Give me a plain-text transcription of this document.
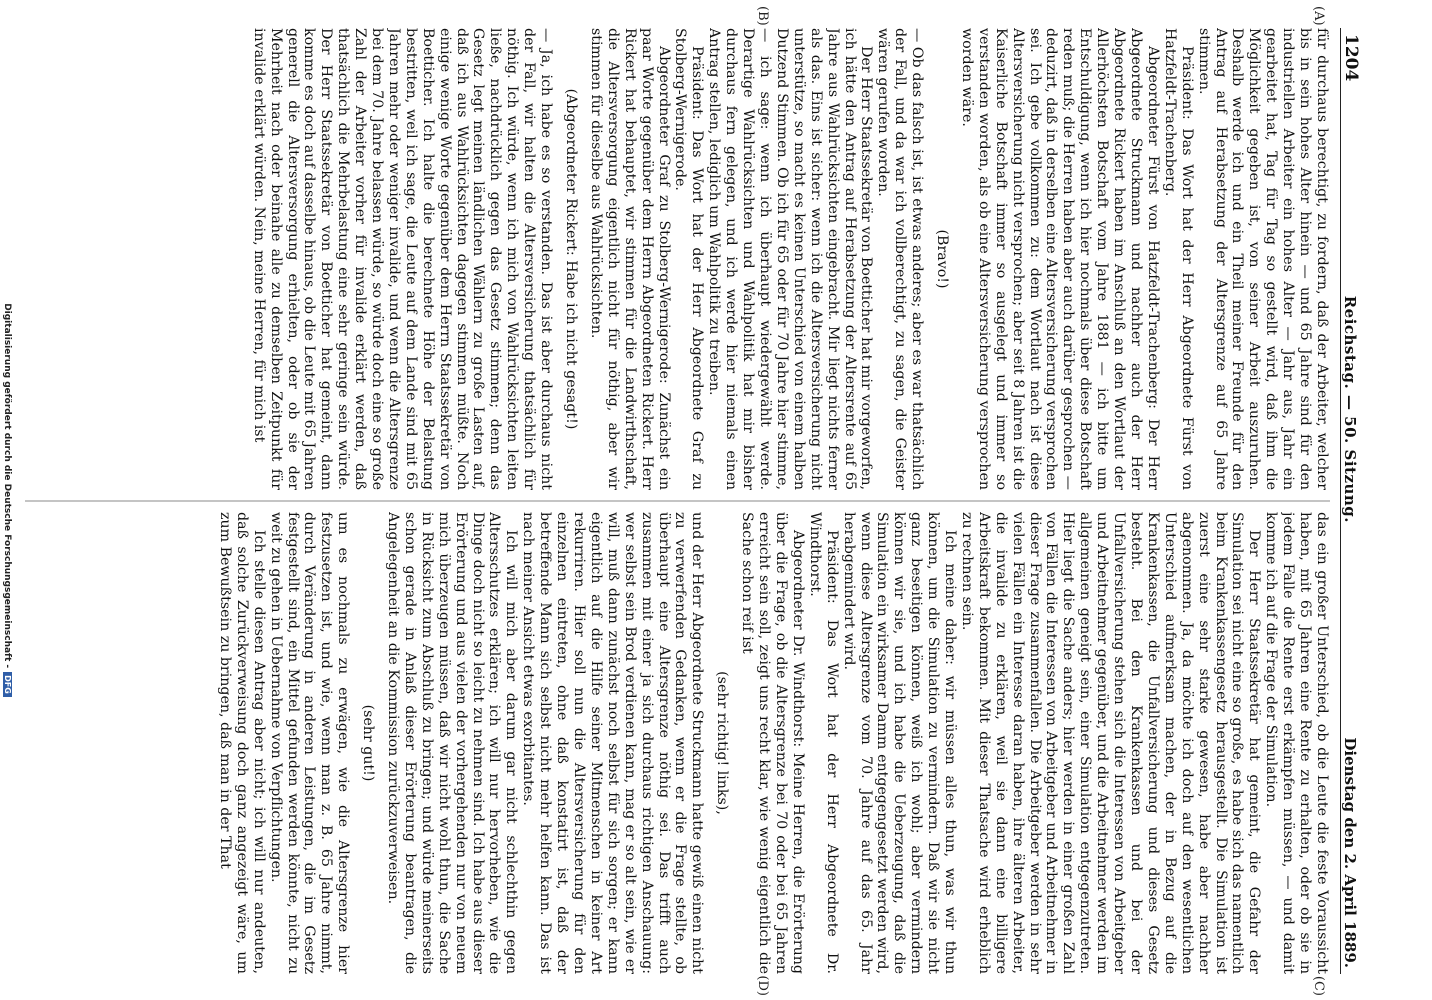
1204
Reichstag. — 50. Sitzung.
Dienstag den 2. April 1889.

für durchaus berechtigt, zu fordern, daß der Arbeiter, welcher bis in sein hohes Alter hinein — und 65 Jahre sind für den industriellen Arbeiter ein hohes Alter — Jahr aus, Jahr ein gearbeitet hat, Tag für Tag so gestellt wird, daß ihm die Möglichkeit gegeben ist, von seiner Arbeit auszuruhen. Deshalb werde ich und ein Theil meiner Freunde für den Antrag auf Herabsetzung der Altersgrenze auf 65 Jahre stimmen.

Präsident: Das Wort hat der Herr Abgeordnete Fürst von Hatzfeldt-Trachenberg.

Abgeordneter Fürst von Hatzfeldt-Trachenberg: Der Herr Abgeordnete Struckmann und nachher auch der Herr Abgeordnete Rickert haben im Anschluß an den Wortlaut der Allerhöchsten Botschaft vom Jahre 1881 — ich bitte um Entschuldigung, wenn ich hier nochmals über diese Botschaft reden muß; die Herren haben aber auch darüber gesprochen — deduzirt, daß in derselben eine Altersversicherung versprochen sei. Ich gebe vollkommen zu: dem Wortlaut nach ist diese Altersversicherung nicht versprochen; aber seit 8 Jahren ist die Kaiserliche Botschaft immer so ausgelegt und immer so verstanden worden, als ob eine Altersversicherung versprochen worden wäre.

(Bravo!)

— Ob das falsch ist, ist etwas anderes; aber es war thatsächlich der Fall, und da war ich vollberechtigt, zu sagen, die Geister wären gerufen worden.

Der Herr Staatssekretär von Boetticher hat mir vorgeworfen, ich hätte den Antrag auf Herabsetzung der Altersrente auf 65 Jahre aus Wahlrücksichten eingebracht. Mir liegt nichts ferner als das. Eins ist sicher: wenn ich die Altersversicherung nicht unterstütze, so macht es keinen Unterschied von einem halben Dutzend Stimmen. Ob ich für 65 oder für 70 Jahre hier stimme, — ich sage: wenn ich überhaupt wiedergewählt werde. Derartige Wahlrücksichten und Wahlpolitik hat mir bisher durchaus fern gelegen, und ich werde hier niemals einen Antrag stellen, lediglich um Wahlpolitik zu treiben.

Präsident: Das Wort hat der Herr Abgeordnete Graf zu Stolberg-Wernigerode.

Abgeordneter Graf zu Stolberg-Wernigerode: Zunächst ein paar Worte gegenüber dem Herrn Abgeordneten Rickert. Herr Rickert hat behauptet, wir stimmen für die Landwirthschaft, die Altersversorgung eigentlich nicht für nöthig, aber wir stimmen für dieselbe aus Wahlrücksichten.

(Abgeordneter Rickert: Habe ich nicht gesagt!)

— Ja, ich habe es so verstanden. Das ist aber durchaus nicht der Fall, wir halten die Altersversicherung thatsächlich für nöthig. Ich würde, wenn ich mich von Wahlrücksichten leiten ließe, nachdrücklich gegen das Gesetz stimmen; denn das Gesetz legt meinen ländlichen Wählern zu große Lasten auf, daß ich aus Wahlrücksichten dagegen stimmen müßte. Noch einige wenige Worte gegenüber dem Herrn Staatssekretär von Boetticher. Ich halte die berechnete Höhe der Belastung bestritten, weil ich sage, die Leute auf dem Lande sind mit 65 Jahren mehr oder weniger invalide, und wenn die Altersgrenze bei dem 70. Jahre belassen würde, so würde doch eine so große Zahl der Arbeiter vorher für invalide erklärt werden, daß thatsächlich die Mehrbelastung eine sehr geringe sein würde. Der Herr Staatssekretär von Boetticher hat gemeint, dann komme es doch auf dasselbe hinaus, ob die Leute mit 65 Jahren generell die Altersversorgung erhielten, oder ob sie der Mehrheit nach oder beinahe alle zu demselben Zeitpunkt für invalide erklärt würden. Nein, meine Herren, für mich ist

das ein großer Unterschied, ob die Leute die feste Voraussicht haben, mit 65 Jahren eine Rente zu erhalten, oder ob sie in jedem Falle die Rente erst erkämpfen müssen, — und damit komme ich auf die Frage der Simulation.

Der Herr Staatssekretär hat gemeint, die Gefahr der Simulation sei nicht eine so große, es habe sich das namentlich beim Krankenkassengesetz herausgestellt. Die Simulation ist zuerst eine sehr starke gewesen, habe aber nachher abgenommen. Ja, da möchte ich doch auf den wesentlichen Unterschied aufmerksam machen, der in Bezug auf die Krankenkassen, die Unfallversicherung und dieses Gesetz besteht. Bei den Krankenkassen und bei der Unfallversicherung stehen sich die Interessen von Arbeitgeber und Arbeitnehmer gegenüber, und die Arbeitnehmer werden im allgemeinen geneigt sein, einer Simulation entgegenzutreten. Hier liegt die Sache anders; hier werden in einer großen Zahl von Fällen die Interessen von Arbeitgeber und Arbeitnehmer in dieser Frage zusammenfallen. Die Arbeitgeber werden in sehr vielen Fällen ein Interesse daran haben, ihre älteren Arbeiter, die invalide zu erklären, weil sie dann eine billigere Arbeitskraft bekommen. Mit dieser Thatsache wird erheblich zu rechnen sein.

Ich meine daher: wir müssen alles thun, was wir thun können, um die Simulation zu vermindern. Daß wir sie nicht ganz beseitigen können, weiß ich wohl; aber vermindern können wir sie, und ich habe die Ueberzeugung, daß die Simulation ein wirksamer Damm entgegengesetzt werden wird, wenn diese Altersgrenze vom 70. Jahre auf das 65. Jahr herabgemindert wird.

Präsident: Das Wort hat der Herr Abgeordnete Dr. Windthorst.

Abgeordneter Dr. Windthorst: Meine Herren, die Erörterung über die Frage, ob die Altersgrenze bei 70 oder bei 65 Jahren erreicht sein soll, zeigt uns recht klar, wie wenig eigentlich die Sache schon reif ist

(sehr richtig! links),

und der Herr Abgeordnete Struckmann hatte gewiß einen nicht zu verwerfenden Gedanken, wenn er die Frage stellte, ob überhaupt eine Altersgrenze nöthig sei. Das trifft auch zusammen mit einer ja sich durchaus richtigen Anschauung: wer selbst sein Brod verdienen kann, mag er so alt sein, wie er will, muß dann zunächst noch selbst für sich sorgen; er kann eigentlich auf die Hilfe seiner Mitmenschen in keiner Art rekurriren. Hier soll nun die Altersversicherung für den einzelnen eintreten, ohne daß konstatirt ist, daß der betreffende Mann sich selbst nicht mehr helfen kann. Das ist nach meiner Ansicht etwas exorbitantes.

Ich will mich aber darum gar nicht schlechthin gegen Altersschutzes erklären; ich will nur hervorheben, wie die Dinge doch nicht so leicht zu nehmen sind. Ich habe aus dieser Erörterung und aus vielen der vorhergehenden nur von neuem mich überzeugen müssen, daß wir nicht wohl thun, die Sache in Rücksicht zum Abschluß zu bringen; und würde meinerseits schon gerade in Anlaß dieser Erörterung beantragen, die Angelegenheit an die Kommission zurückzuverweisen.

(sehr gut!)

um es nochmals zu erwägen, wie die Altersgrenze hier festzusetzen ist, und wie, wenn man z. B. 65 Jahre nimmt, durch Veränderung in anderen Leistungen, die im Gesetz festgestellt sind, ein Mittel gefunden werden könnte, nicht zu weit zu gehen in Uebernahme von Verpflichtungen.

Ich stelle diesen Antrag aber nicht; ich will nur andeuten, daß solche Zurückverweisung doch ganz angezeigt wäre, um zum Bewußtsein zu bringen, daß man in der That

(A)
(B)
(C)
(D)
Digitalisierung gefördert durch die Deutsche Forschungsgemeinschaft -DFG
